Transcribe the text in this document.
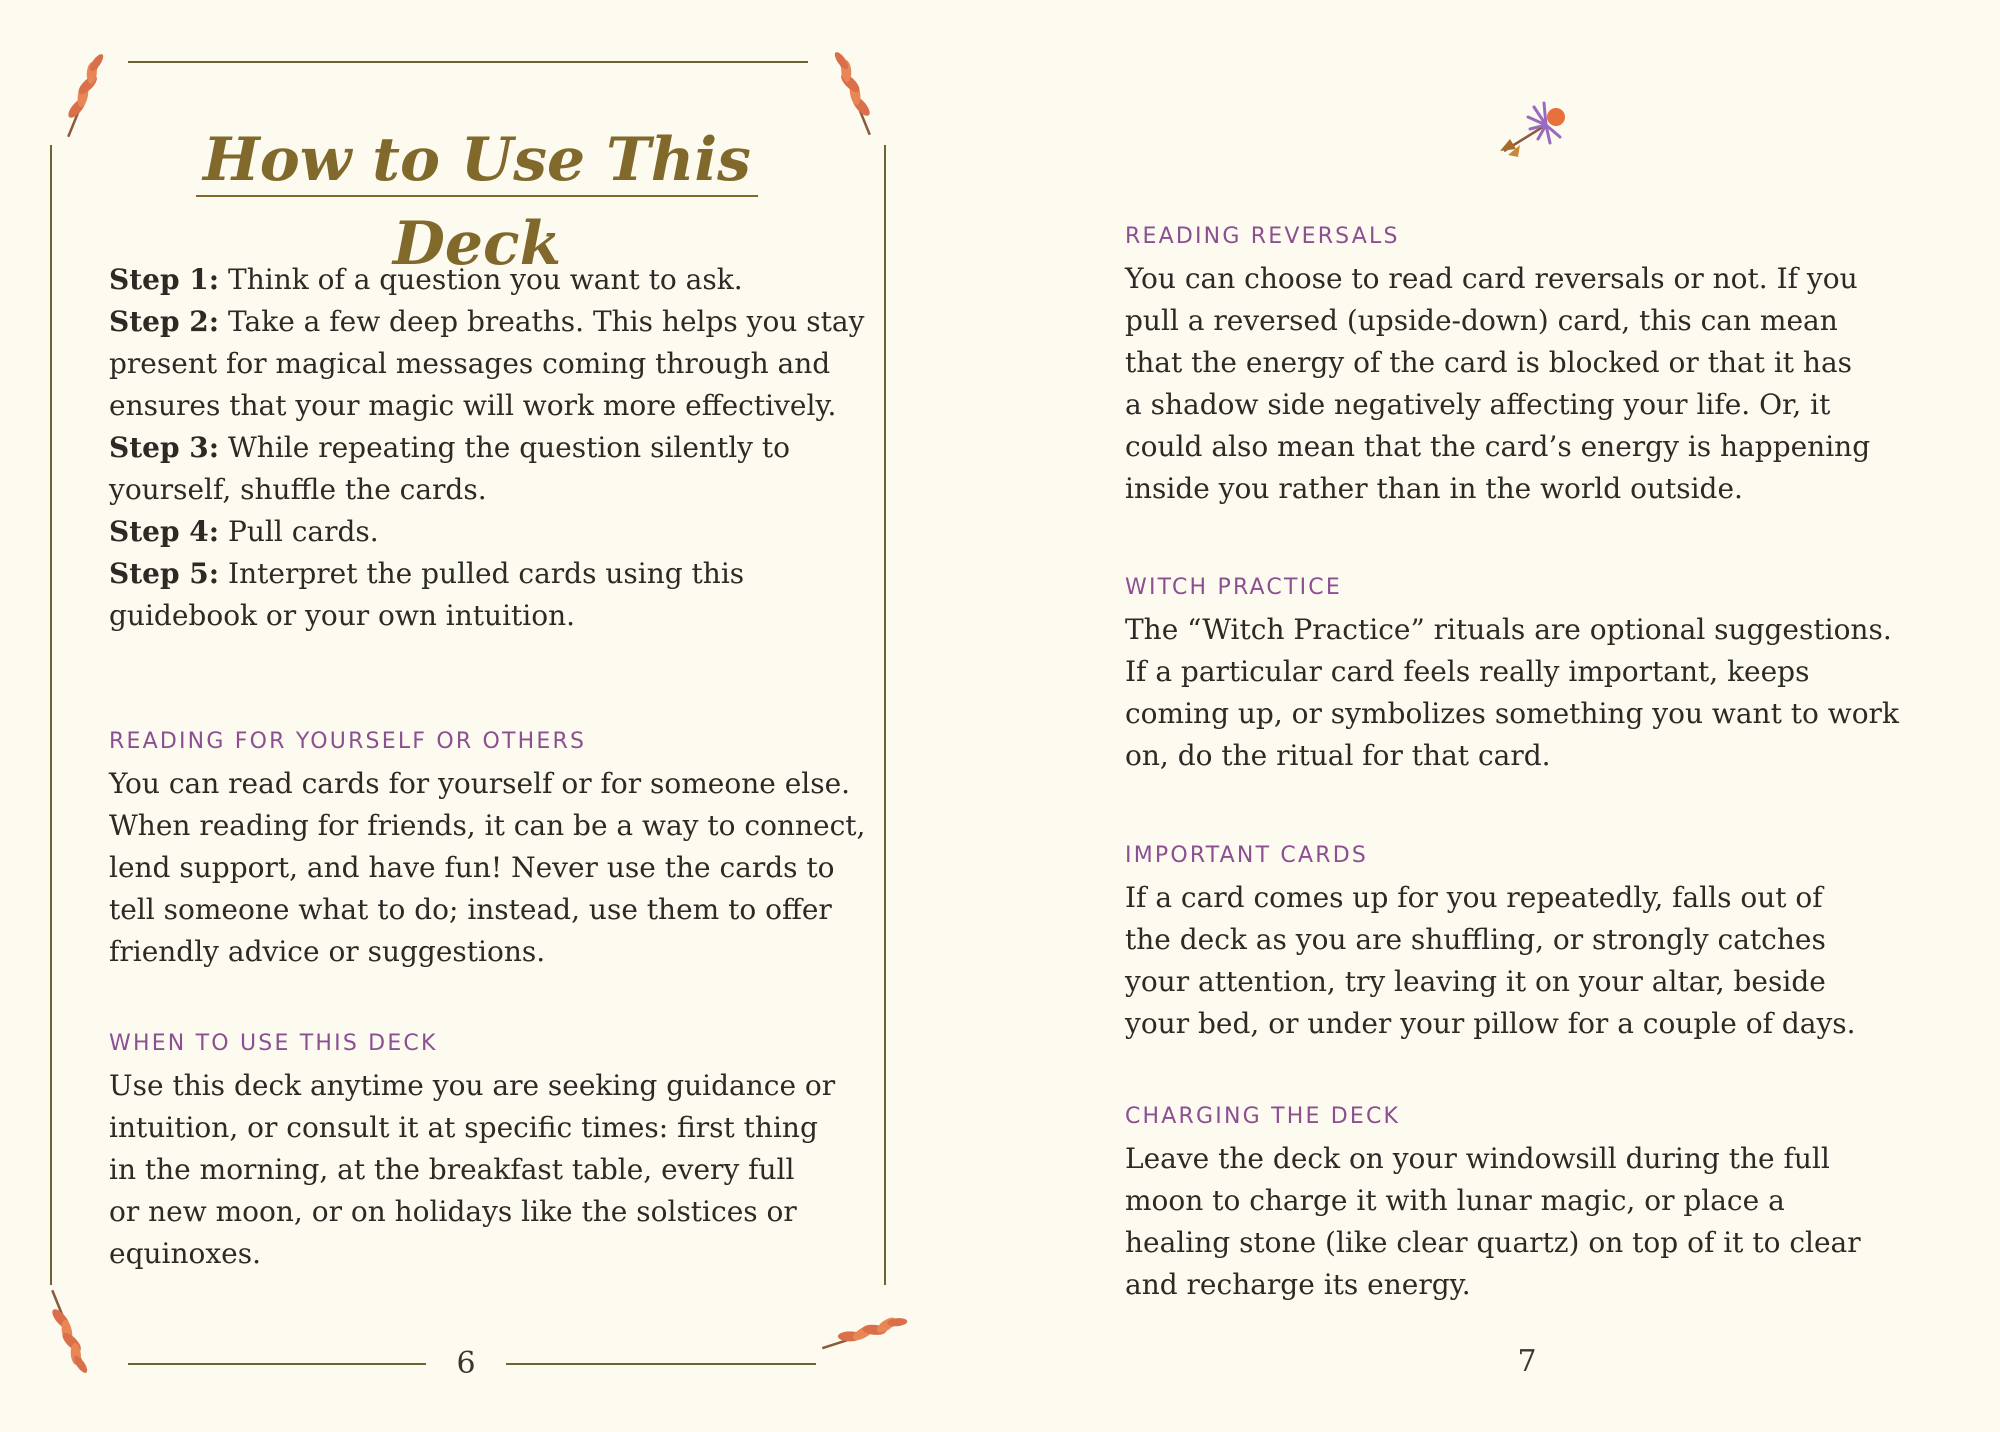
How to Use This Deck
Step 1: Think of a question you want to ask.
Step 2: Take a few deep breaths. This helps you stay
present for magical messages coming through and
ensures that your magic will work more effectively.
Step 3: While repeating the question silently to
yourself, shuffle the cards.
Step 4: Pull cards.
Step 5: Interpret the pulled cards using this
guidebook or your own intuition.
READING FOR YOURSELF OR OTHERS
You can read cards for yourself or for someone else.
When reading for friends, it can be a way to connect,
lend support, and have fun! Never use the cards to
tell someone what to do; instead, use them to offer
friendly advice or suggestions.
WHEN TO USE THIS DECK
Use this deck anytime you are seeking guidance or
intuition, or consult it at specific times: first thing
in the morning, at the breakfast table, every full
or new moon, or on holidays like the solstices or
equinoxes.
6
READING REVERSALS
You can choose to read card reversals or not. If you
pull a reversed (upside-down) card, this can mean
that the energy of the card is blocked or that it has
a shadow side negatively affecting your life. Or, it
could also mean that the card’s energy is happening
inside you rather than in the world outside.
WITCH PRACTICE
The “Witch Practice” rituals are optional suggestions.
If a particular card feels really important, keeps
coming up, or symbolizes something you want to work
on, do the ritual for that card.
IMPORTANT CARDS
If a card comes up for you repeatedly, falls out of
the deck as you are shuffling, or strongly catches
your attention, try leaving it on your altar, beside
your bed, or under your pillow for a couple of days.
CHARGING THE DECK
Leave the deck on your windowsill during the full
moon to charge it with lunar magic, or place a
healing stone (like clear quartz) on top of it to clear
and recharge its energy.
7
